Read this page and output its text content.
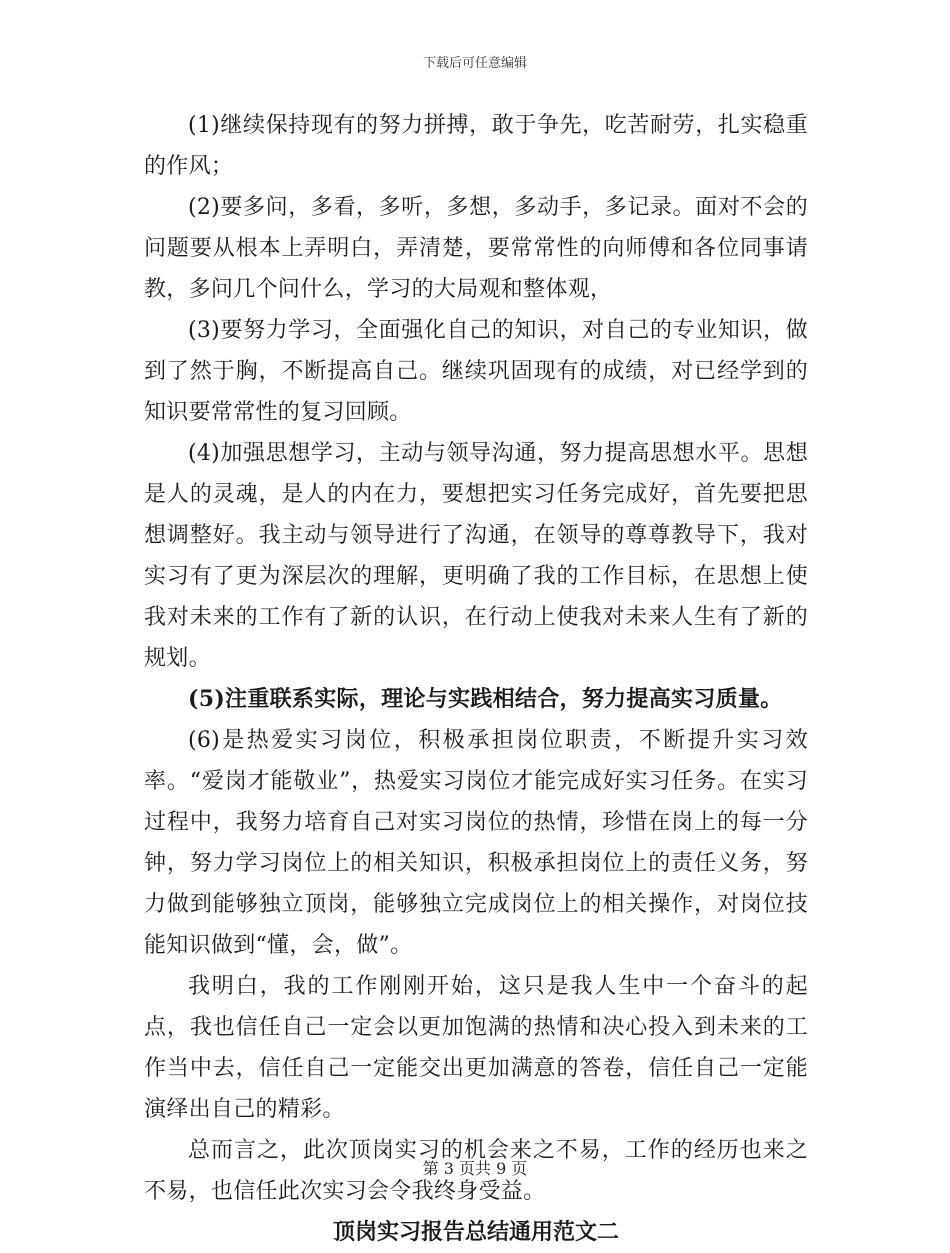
下载后可任意编辑

(1)继续保持现有的努力拼搏，敢于争先，吃苦耐劳，扎实稳重的作风；

(2)要多问，多看，多听，多想，多动手，多记录。面对不会的问题要从根本上弄明白，弄清楚，要常常性的向师傅和各位同事请教，多问几个问什么，学习的大局观和整体观，

(3)要努力学习，全面强化自己的知识，对自己的专业知识，做到了然于胸，不断提高自己。继续巩固现有的成绩，对已经学到的知识要常常性的复习回顾。

(4)加强思想学习，主动与领导沟通，努力提高思想水平。思想是人的灵魂，是人的内在力，要想把实习任务完成好，首先要把思想调整好。我主动与领导进行了沟通，在领导的尊尊教导下，我对实习有了更为深层次的理解，更明确了我的工作目标，在思想上使我对未来的工作有了新的认识，在行动上使我对未来人生有了新的规划。

(5)注重联系实际，理论与实践相结合，努力提高实习质量。

(6)是热爱实习岗位，积极承担岗位职责，不断提升实习效率。“爱岗才能敬业”，热爱实习岗位才能完成好实习任务。在实习过程中，我努力培育自己对实习岗位的热情，珍惜在岗上的每一分钟，努力学习岗位上的相关知识，积极承担岗位上的责任义务，努力做到能够独立顶岗，能够独立完成岗位上的相关操作，对岗位技能知识做到“懂，会，做”。

我明白，我的工作刚刚开始，这只是我人生中一个奋斗的起点，我也信任自己一定会以更加饱满的热情和决心投入到未来的工作当中去，信任自己一定能交出更加满意的答卷，信任自己一定能演绎出自己的精彩。

总而言之，此次顶岗实习的机会来之不易，工作的经历也来之不易，也信任此次实习会令我终身受益。

顶岗实习报告总结通用范文二

第 3 页共 9 页
